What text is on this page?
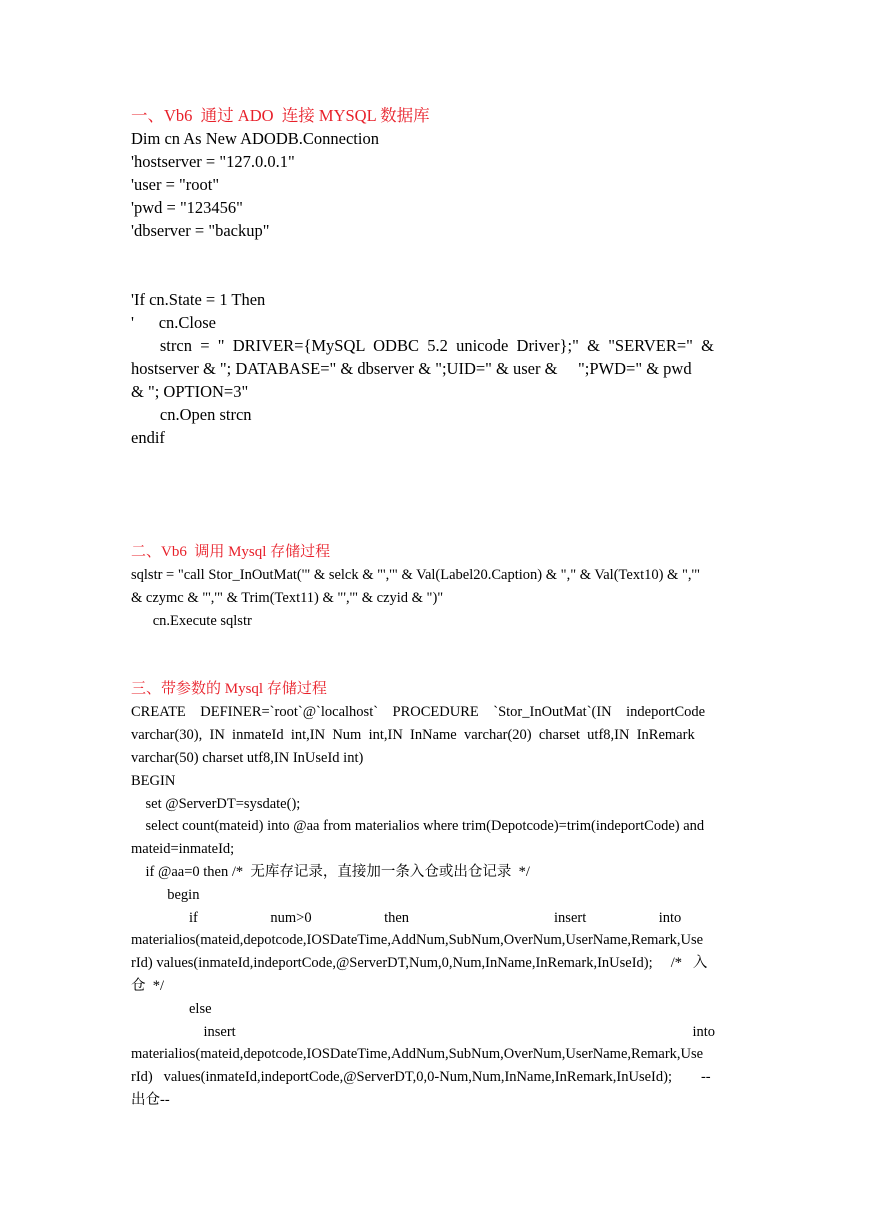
一、Vb6  通过 ADO  连接 MYSQL 数据库
Dim cn As New ADODB.Connection
'hostserver = "127.0.0.1"
'user = "root"
'pwd = "123456"
'dbserver = "backup"
'If cn.State = 1 Then
'      cn.Close
strcn  =  "  DRIVER={MySQL  ODBC  5.2  unicode  Driver};"  &  "SERVER="  &
hostserver & "; DATABASE=" & dbserver & ";UID=" & user &     ";PWD=" & pwd
& "; OPTION=3"
cn.Open strcn
endif
二、Vb6  调用 Mysql 存储过程
sqlstr = "call Stor_InOutMat('" & selck & "','" & Val(Label20.Caption) & "," & Val(Text10) & ",'"
& czymc & "','" & Trim(Text11) & "','" & czyid & ")"
cn.Execute sqlstr
三、带参数的 Mysql 存储过程
CREATE    DEFINER=`root`@`localhost`    PROCEDURE    `Stor_InOutMat`(IN    indeportCode
varchar(30),  IN  inmateId  int,IN  Num  int,IN  InName  varchar(20)  charset  utf8,IN  InRemark
varchar(50) charset utf8,IN InUseId int)
BEGIN
set @ServerDT=sysdate();
select count(mateid) into @aa from materialios where trim(Depotcode)=trim(indeportCode) and
mateid=inmateId;
if @aa=0 then /*  无库存记录，直接加一条入仓或出仓记录  */
begin
if                    num>0                    then                                        insert                    into
materialios(mateid,depotcode,IOSDateTime,AddNum,SubNum,OverNum,UserName,Remark,Use
rId) values(inmateId,indeportCode,@ServerDT,Num,0,Num,InName,InRemark,InUseId);     /*   入
仓  */
else
insert                                                                                                                              into
materialios(mateid,depotcode,IOSDateTime,AddNum,SubNum,OverNum,UserName,Remark,Use
rId)   values(inmateId,indeportCode,@ServerDT,0,0-Num,Num,InName,InRemark,InUseId);        --
出仓--
